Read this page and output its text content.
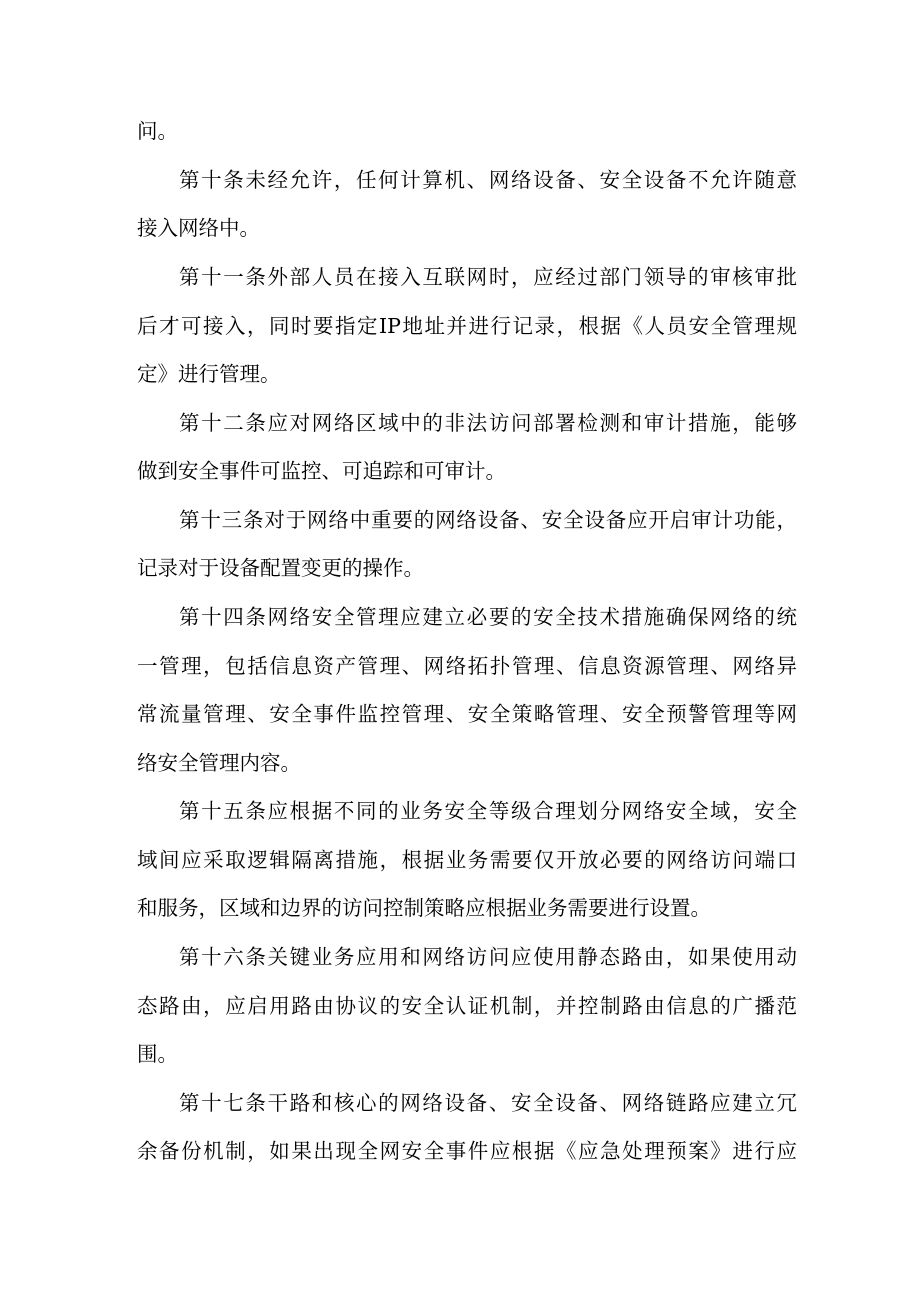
问。
第十条未经允许，任何计算机、网络设备、安全设备不允许随意
接入网络中。
第十一条外部人员在接入互联网时，应经过部门领导的审核审批
后才可接入，同时要指定IP地址并进行记录，根据《人员安全管理规
定》进行管理。
第十二条应对网络区域中的非法访问部署检测和审计措施，能够
做到安全事件可监控、可追踪和可审计。
第十三条对于网络中重要的网络设备、安全设备应开启审计功能，
记录对于设备配置变更的操作。
第十四条网络安全管理应建立必要的安全技术措施确保网络的统
一管理，包括信息资产管理、网络拓扑管理、信息资源管理、网络异
常流量管理、安全事件监控管理、安全策略管理、安全预警管理等网
络安全管理内容。
第十五条应根据不同的业务安全等级合理划分网络安全域，安全
域间应采取逻辑隔离措施，根据业务需要仅开放必要的网络访问端口
和服务，区域和边界的访问控制策略应根据业务需要进行设置。
第十六条关键业务应用和网络访问应使用静态路由，如果使用动
态路由，应启用路由协议的安全认证机制，并控制路由信息的广播范
围。
第十七条干路和核心的网络设备、安全设备、网络链路应建立冗
余备份机制，如果出现全网安全事件应根据《应急处理预案》进行应
